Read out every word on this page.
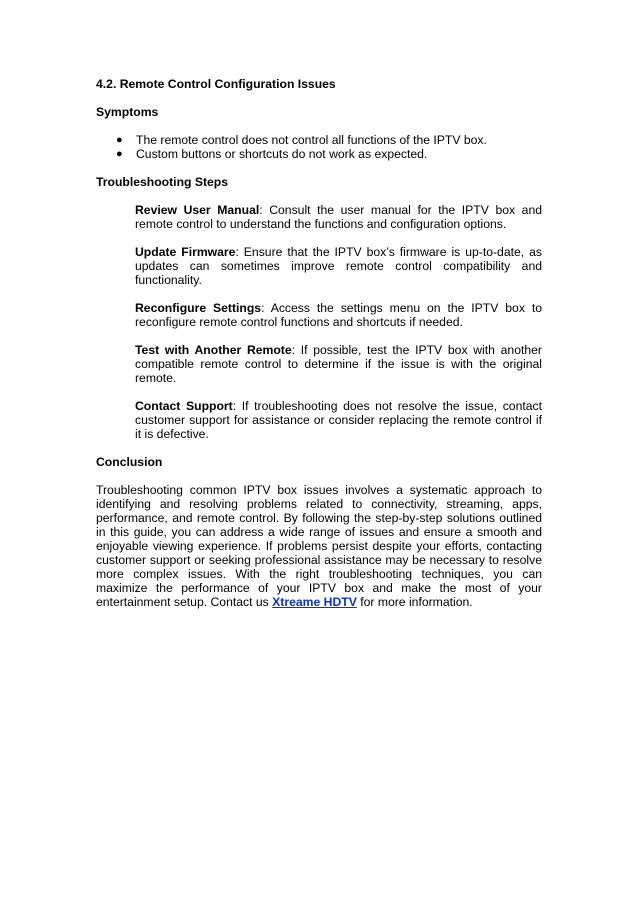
4.2. Remote Control Configuration Issues

Symptoms

● The remote control does not control all functions of the IPTV box.
● Custom buttons or shortcuts do not work as expected.

Troubleshooting Steps

Review User Manual: Consult the user manual for the IPTV box and remote control to understand the functions and configuration options.

Update Firmware: Ensure that the IPTV box’s firmware is up-to-date, as updates can sometimes improve remote control compatibility and functionality.

Reconfigure Settings: Access the settings menu on the IPTV box to reconfigure remote control functions and shortcuts if needed.

Test with Another Remote: If possible, test the IPTV box with another compatible remote control to determine if the issue is with the original remote.

Contact Support: If troubleshooting does not resolve the issue, contact customer support for assistance or consider replacing the remote control if it is defective.

Conclusion

Troubleshooting common IPTV box issues involves a systematic approach to identifying and resolving problems related to connectivity, streaming, apps, performance, and remote control. By following the step-by-step solutions outlined in this guide, you can address a wide range of issues and ensure a smooth and enjoyable viewing experience. If problems persist despite your efforts, contacting customer support or seeking professional assistance may be necessary to resolve more complex issues. With the right troubleshooting techniques, you can maximize the performance of your IPTV box and make the most of your entertainment setup. Contact us Xtreame HDTV for more information.
